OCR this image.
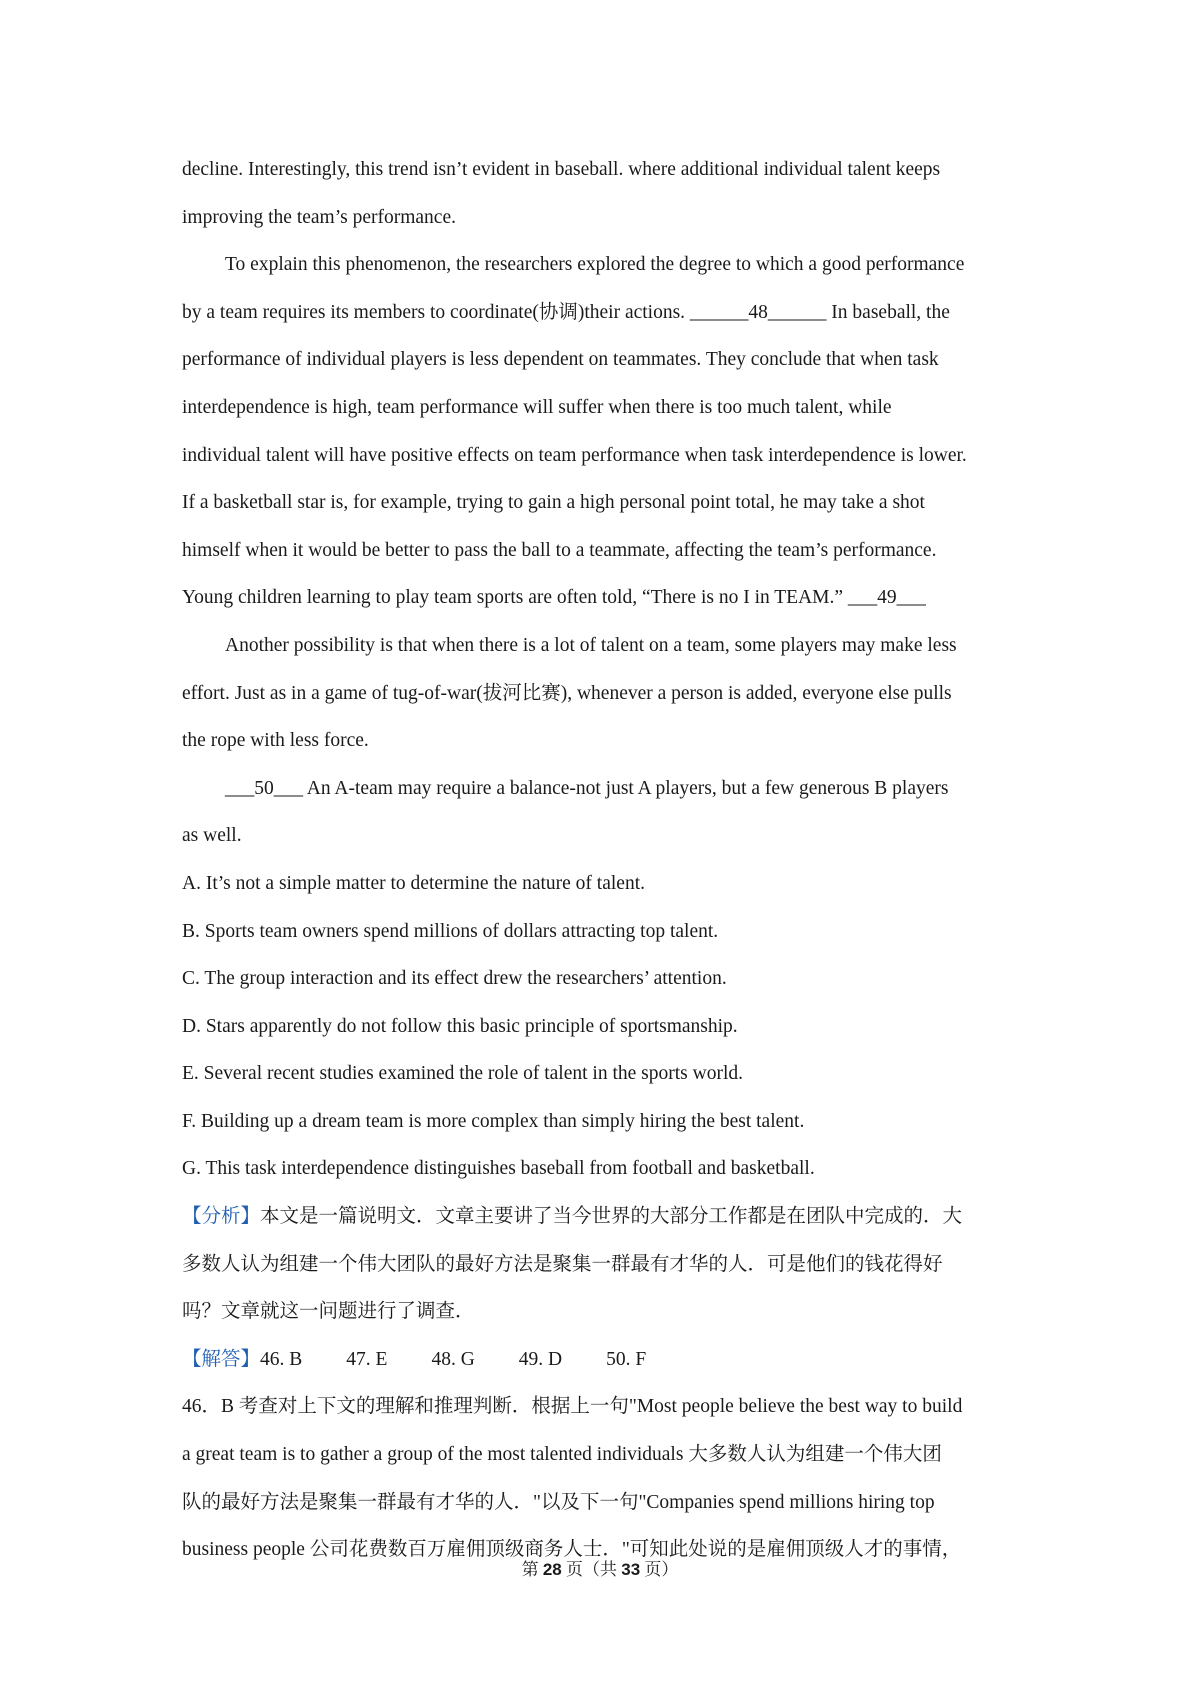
decline. Interestingly, this trend isn’t evident in baseball. where additional individual talent keeps

improving the team’s performance.

To explain this phenomenon, the researchers explored the degree to which a good performance

by a team requires its members to coordinate(协调)their actions. ______48______ In baseball, the

performance of individual players is less dependent on teammates. They conclude that when task

interdependence is high, team performance will suffer when there is too much talent, while

individual talent will have positive effects on team performance when task interdependence is lower.

If a basketball star is, for example, trying to gain a high personal point total, he may take a shot

himself when it would be better to pass the ball to a teammate, affecting the team’s performance.

Young children learning to play team sports are often told, “There is no I in TEAM.” ___49___

Another possibility is that when there is a lot of talent on a team, some players may make less

effort. Just as in a game of tug-of-war(拔河比赛), whenever a person is added, everyone else pulls

the rope with less force.

___50___ An A-team may require a balance-not just A players, but a few generous B players

as well.

A. It’s not a simple matter to determine the nature of talent.

B. Sports team owners spend millions of dollars attracting top talent.

C. The group interaction and its effect drew the researchers’ attention.

D. Stars apparently do not follow this basic principle of sportsmanship.

E. Several recent studies examined the role of talent in the sports world.

F. Building up a dream team is more complex than simply hiring the best talent.

G. This task interdependence distinguishes baseball from football and basketball.

【分析】本文是一篇说明文．文章主要讲了当今世界的大部分工作都是在团队中完成的．大

多数人认为组建一个伟大团队的最好方法是聚集一群最有才华的人．可是他们的钱花得好

吗？文章就这一问题进行了调查．

【解答】46. B 47. E 48. G 49. D 50. F

46．B 考查对上下文的理解和推理判断．根据上一句"Most people believe the best way to build

a great team is to gather a group of the most talented individuals 大多数人认为组建一个伟大团

队的最好方法是聚集一群最有才华的人．"以及下一句"Companies spend millions hiring top

business people 公司花费数百万雇佣顶级商务人士．"可知此处说的是雇佣顶级人才的事情，

第 28 页（共 33 页）
